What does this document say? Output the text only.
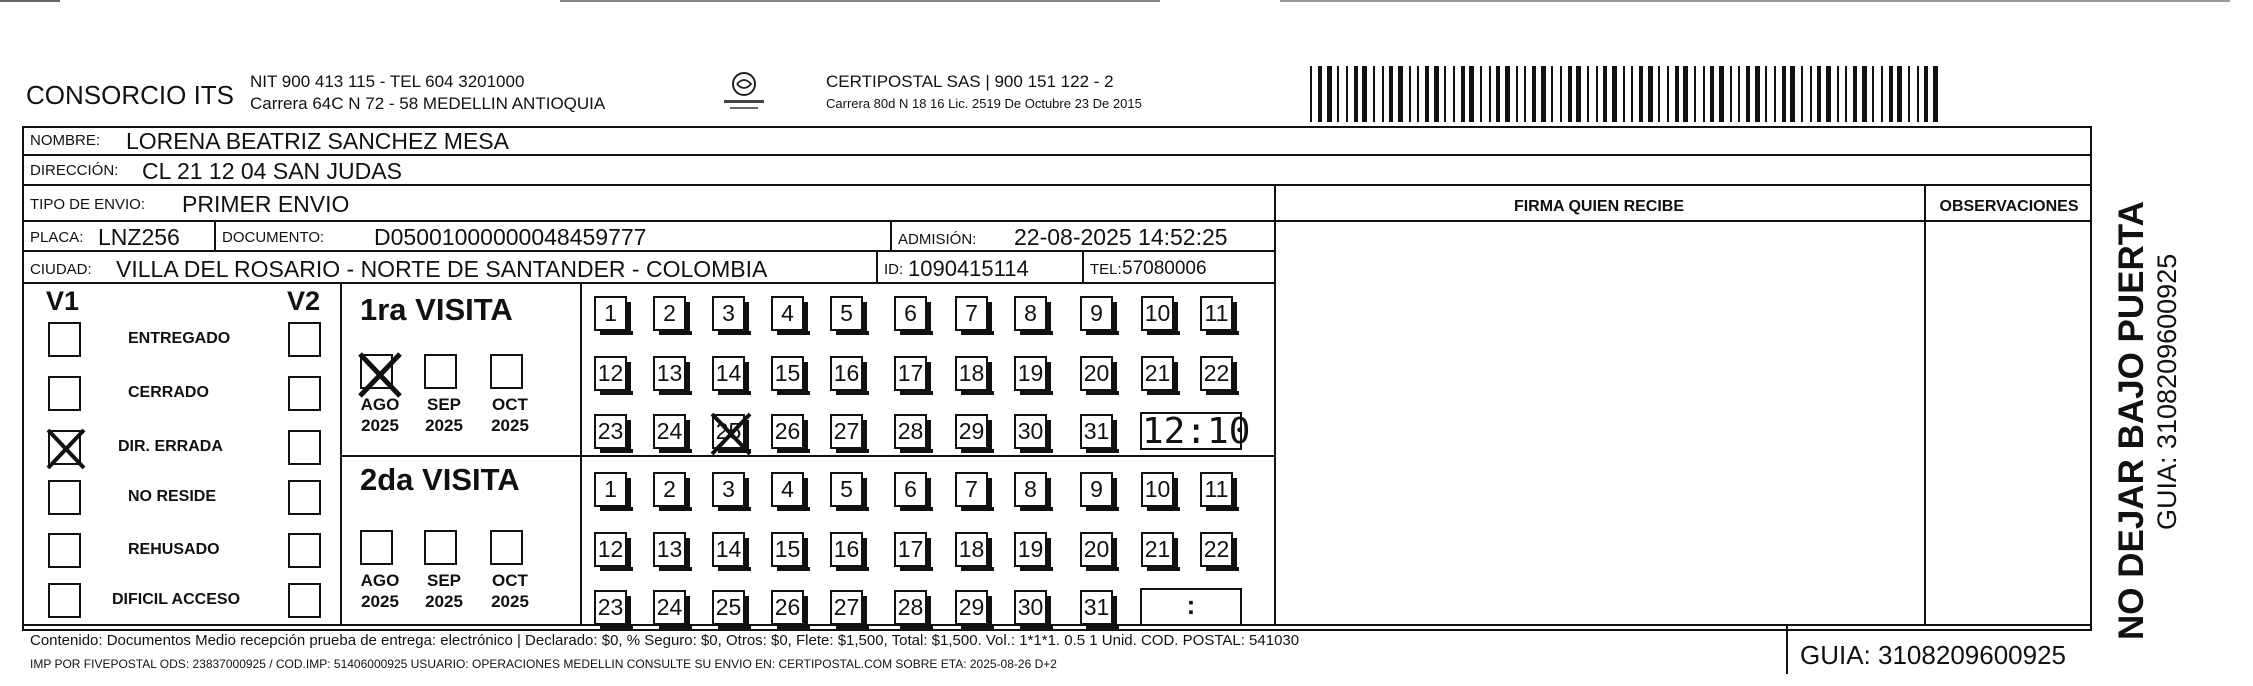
CONSORCIO ITS NIT 900 413 115 - TEL 604 3201000
Carrera 64C N 72 - 58 MEDELLIN ANTIOQUIA
CERTIPOSTAL SAS | 900 151 122 - 2
Carrera 80d N 18 16 Lic. 2519 De Octubre 23 De 2015
NOMBRE: LORENA BEATRIZ SANCHEZ MESA
DIRECCIÓN: CL 21 12 04 SAN JUDAS
TIPO DE ENVIO: PRIMER ENVIO
PLACA: LNZ256	DOCUMENTO: D05001000000048459777	ADMISIÓN: 22-08-2025 14:52:25
CIUDAD: VILLA DEL ROSARIO - NORTE DE SANTANDER - COLOMBIA	ID: 1090415114	TEL: 57080006
FIRMA QUIEN RECIBE	OBSERVACIONES
V1	V2
ENTREGADO
CERRADO
DIR. ERRADA
NO RESIDE
REHUSADO
DIFICIL ACCESO
1ra VISITA
2da VISITA
AGO
2025
SEP
2025
OCT
2025
1	2	3	4	5	6	7	8	9	10 11
12 13 14 15 16 17 18 19 20 21 22
23 24 25 26 27 28 29 30 31 12:10
AGO
2025
SEP
2025
OCT
2025
1	2	3	4	5	6	7	8	9	10 11
12 13 14 15 16 17 18 19 20 21 22
23 24 25 26 27 28 29 30 31	:
Contenido: Documentos Medio recepción prueba de entrega: electrónico | Declarado: $0, % Seguro: $0, Otros: $0, Flete: $1,500, Total: $1,500. Vol.: 1*1*1. 0.5 1 Unid. COD. POSTAL: 541030
IMP POR FIVEPOSTAL ODS: 23837000925 / COD.IMP: 51406000925 USUARIO: OPERACIONES MEDELLIN CONSULTE SU ENVIO EN: CERTIPOSTAL.COM SOBRE ETA: 2025-08-26 D+2	GUIA: 3108209600925
NO DEJAR BAJO PUERTA GUIA: 3108209600925
